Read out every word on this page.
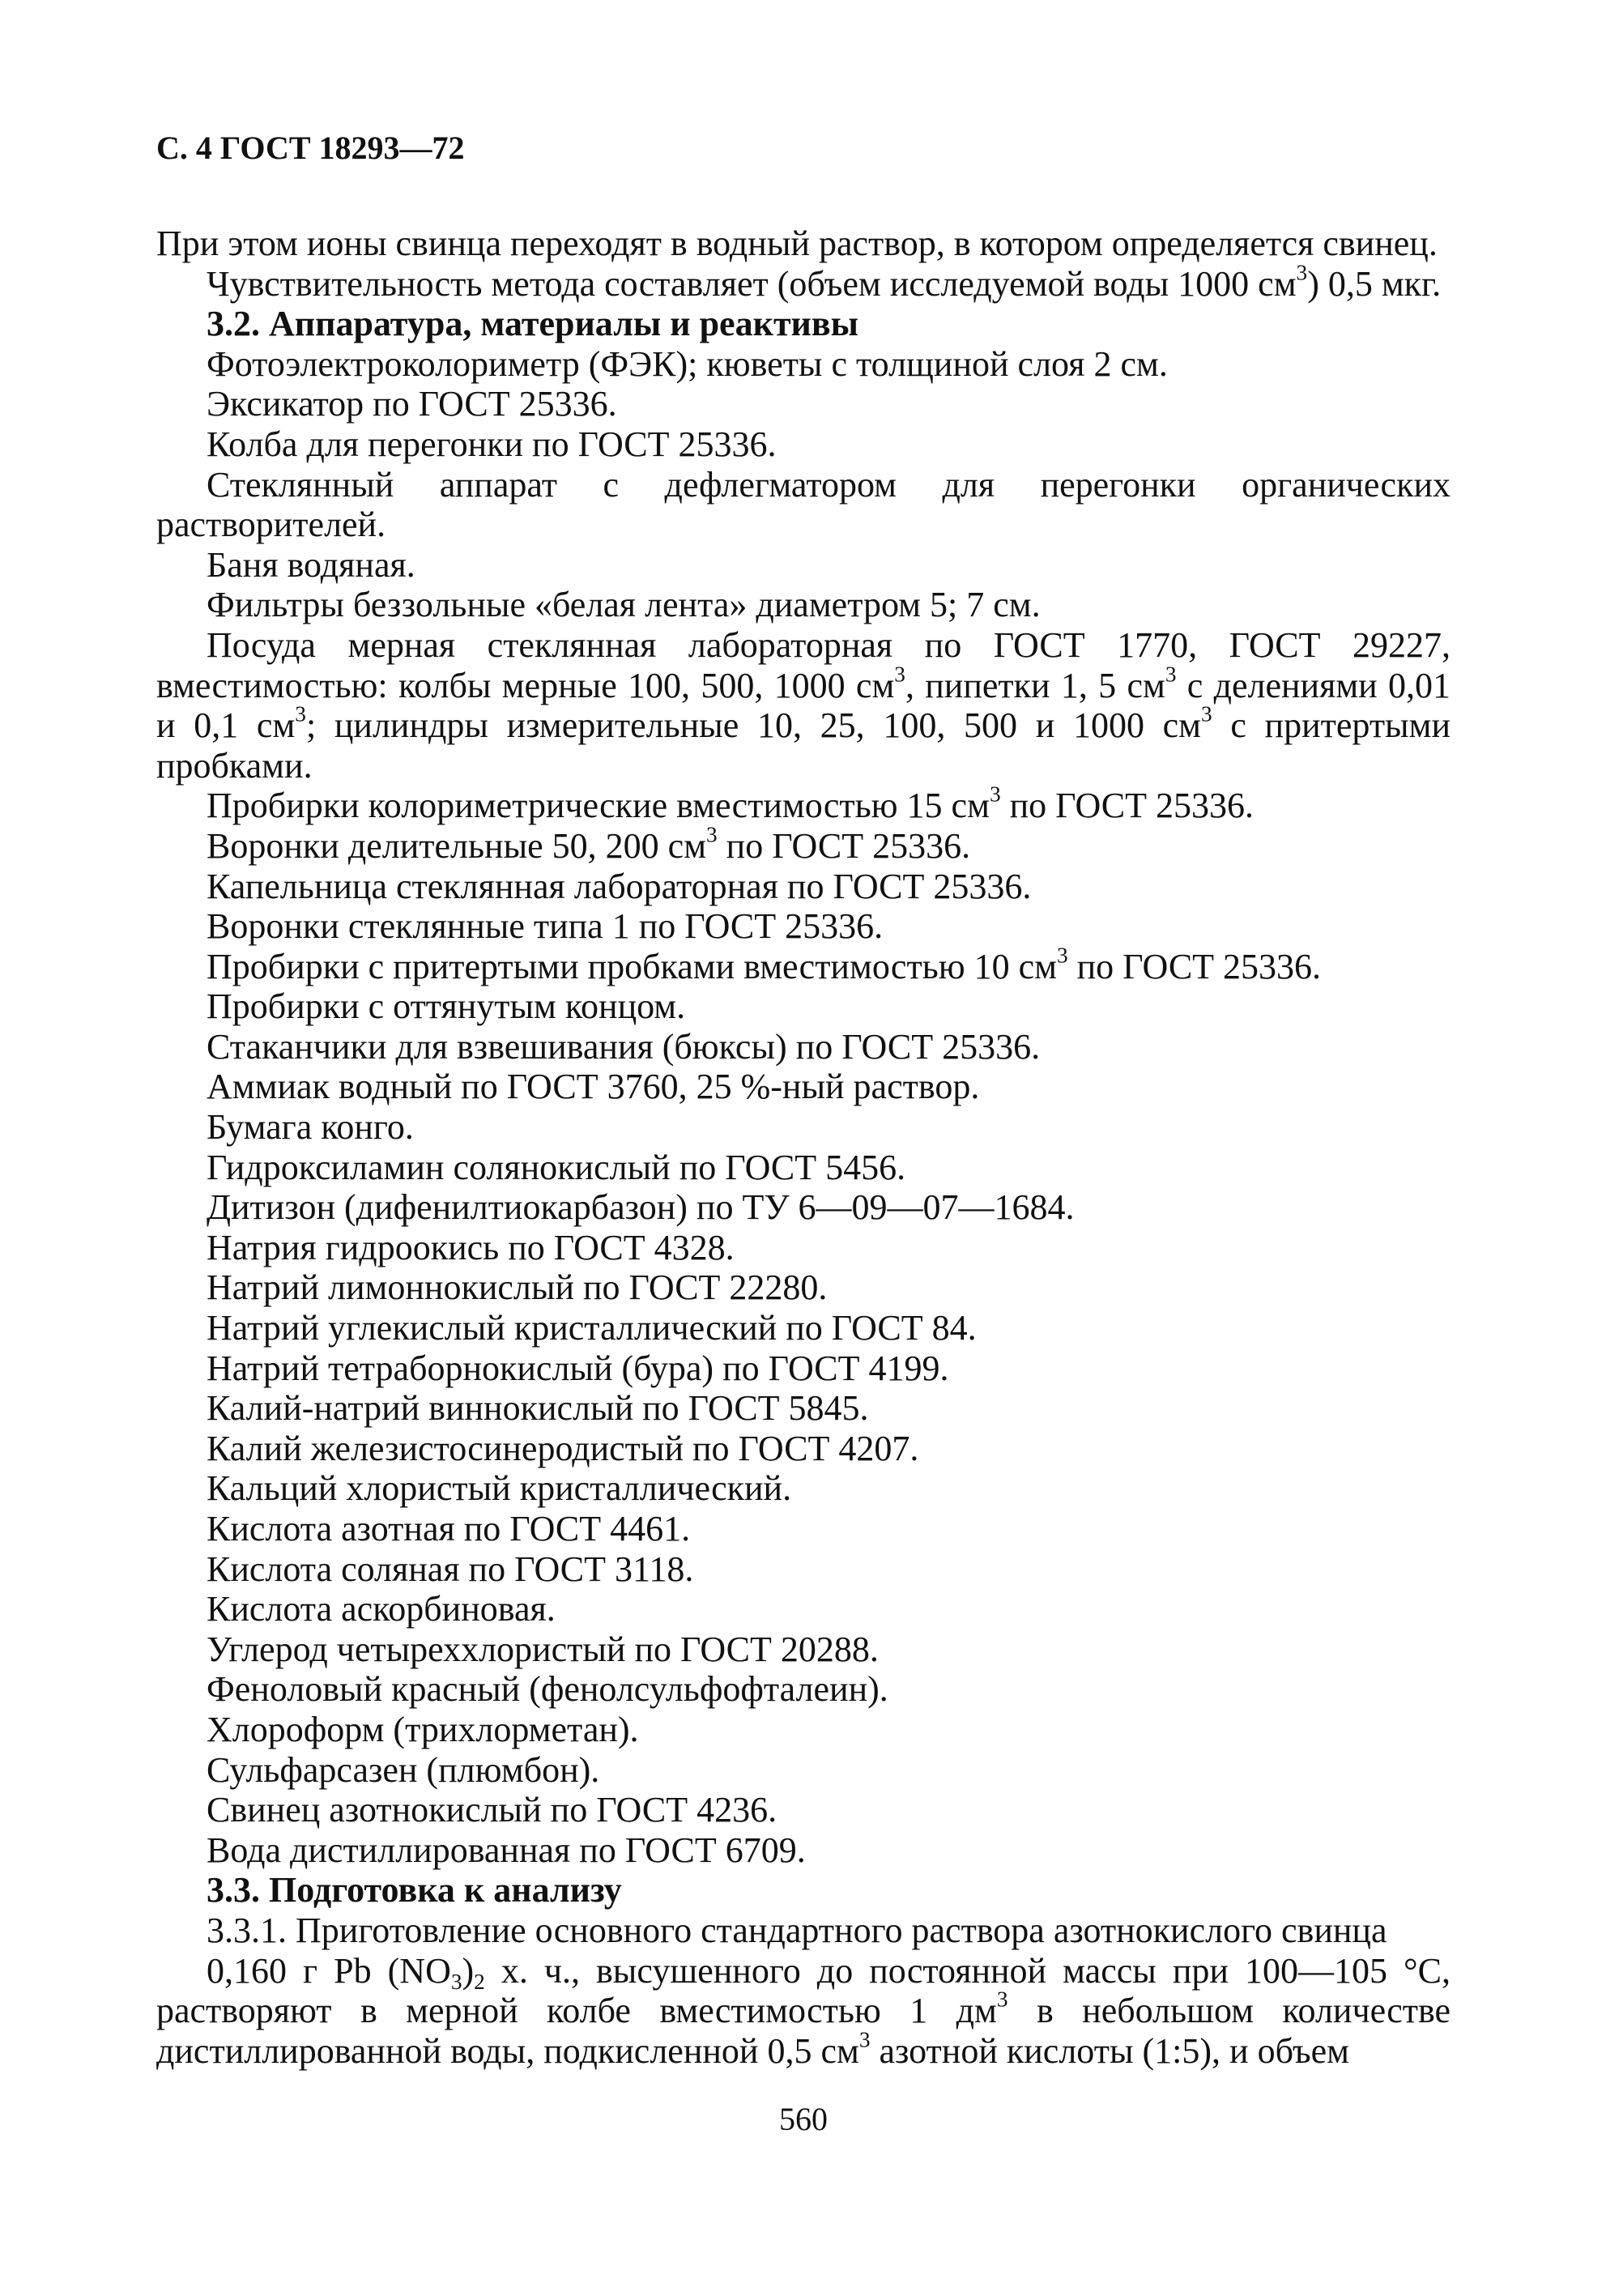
С. 4 ГОСТ 18293—72

При этом ионы свинца переходят в водный раствор, в котором определяется свинец.

Чувствительность метода составляет (объем исследуемой воды 1000 $см^3$) 0,5 мкг.

3.2. Аппаратура, материалы и реактивы

Фотоэлектроколориметр (ФЭК); кюветы с толщиной слоя 2 см.

Эксикатор по ГОСТ 25336.

Колба для перегонки по ГОСТ 25336.

Стеклянный аппарат с дефлегматором для перегонки органических растворителей.

Баня водяная.

Фильтры беззольные «белая лента» диаметром 5; 7 см.

Посуда мерная стеклянная лабораторная по ГОСТ 1770, ГОСТ 29227, вместимостью: колбы мерные 100, 500, 1000 $см^3$, пипетки 1, 5 $см^3$ с делениями 0,01 и 0,1 $см^3$; цилиндры измерительные 10, 25, 100, 500 и 1000 $см^3$ с притертыми пробками.

Пробирки колориметрические вместимостью 15 $см^3$ по ГОСТ 25336.

Воронки делительные 50, 200 $см^3$ по ГОСТ 25336.

Капельница стеклянная лабораторная по ГОСТ 25336.

Воронки стеклянные типа 1 по ГОСТ 25336.

Пробирки с притертыми пробками вместимостью 10 $см^3$ по ГОСТ 25336.

Пробирки с оттянутым концом.

Стаканчики для взвешивания (бюксы) по ГОСТ 25336.

Аммиак водный по ГОСТ 3760, 25 %-ный раствор.

Бумага конго.

Гидроксиламин солянокислый по ГОСТ 5456.

Дитизон (дифенилтиокарбазон) по ТУ 6—09—07—1684.

Натрия гидроокись по ГОСТ 4328.

Натрий лимоннокислый по ГОСТ 22280.

Натрий углекислый кристаллический по ГОСТ 84.

Натрий тетраборнокислый (бура) по ГОСТ 4199.

Калий-натрий виннокислый по ГОСТ 5845.

Калий железистосинеродистый по ГОСТ 4207.

Кальций хлористый кристаллический.

Кислота азотная по ГОСТ 4461.

Кислота соляная по ГОСТ 3118.

Кислота аскорбиновая.

Углерод четыреххлористый по ГОСТ 20288.

Феноловый красный (фенолсульфофталеин).

Хлороформ (трихлорметан).

Сульфарсазен (плюмбон).

Свинец азотнокислый по ГОСТ 4236.

Вода дистиллированная по ГОСТ 6709.

3.3. Подготовка к анализу

3.3.1. Приготовление основного стандартного раствора азотнокислого свинца

0,160 г Pb $(NO_3)_2$ х. ч., высушенного до постоянной массы при 100—105 °С, растворяют в мерной колбе вместимостью 1 $дм^3$ в небольшом количестве дистиллированной воды, подкисленной 0,5 $см^3$ азотной кислоты (1:5), и объем

560
